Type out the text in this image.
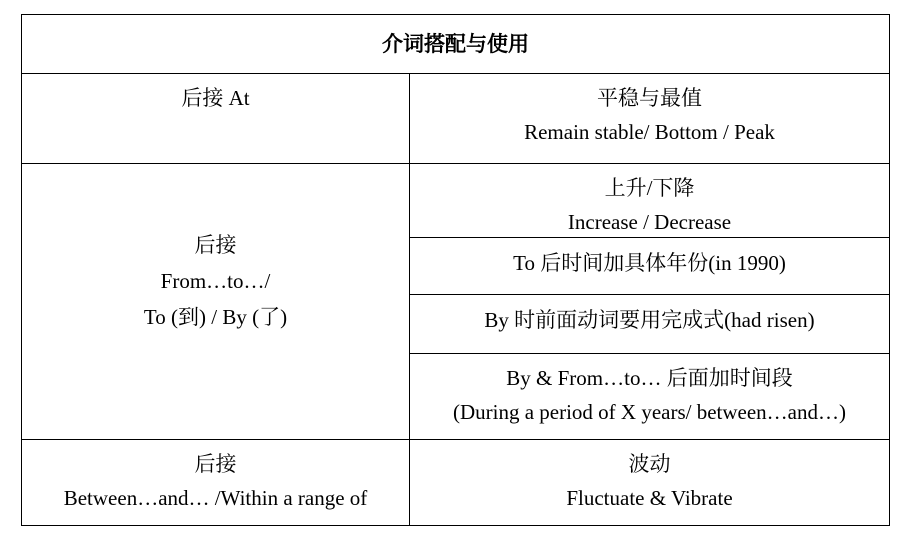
介词搭配与使用
后接 At	平稳与最值
Remain stable/ Bottom / Peak
后接
From…to…/
To (到) / By (了)
上升/下降
Increase / Decrease
To 后时间加具体年份(in 1990)
By 时前面动词要用完成式(had risen)
By & From…to… 后面加时间段
(During a period of X years/ between…and…)
后接
Between…and… /Within a range of
波动
Fluctuate & Vibrate
